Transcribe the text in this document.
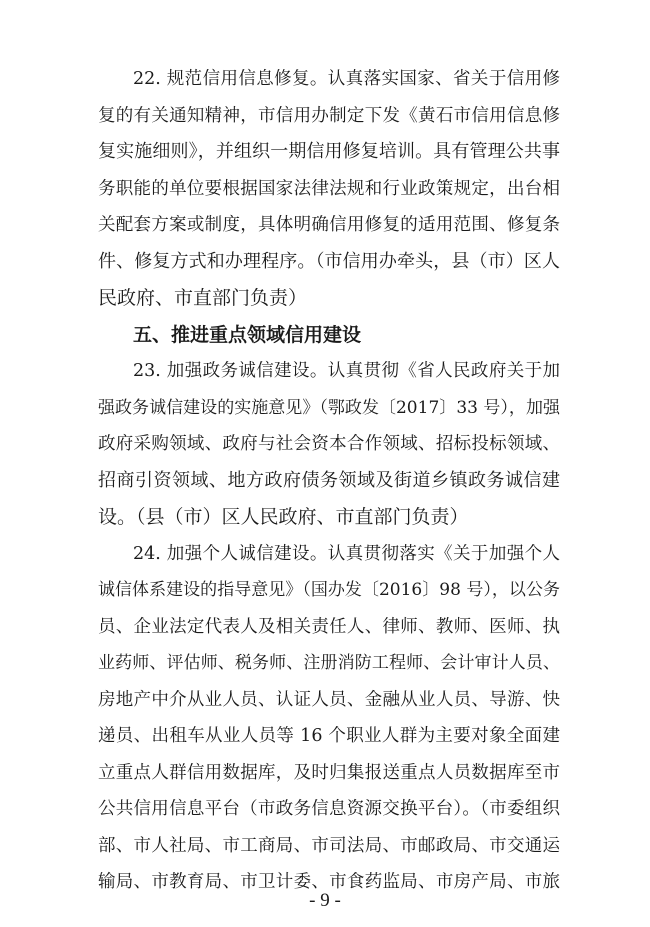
22. 规范信用信息修复。认真落实国家、省关于信用修
复的有关通知精神，市信用办制定下发《黄石市信用信息修
复实施细则》，并组织一期信用修复培训。具有管理公共事
务职能的单位要根据国家法律法规和行业政策规定，出台相
关配套方案或制度，具体明确信用修复的适用范围、修复条
件、修复方式和办理程序。（市信用办牵头，县（市）区人
民政府、市直部门负责）
五、推进重点领域信用建设
23. 加强政务诚信建设。认真贯彻《省人民政府关于加
强政务诚信建设的实施意见》（鄂政发〔2017〕33 号），加强
政府采购领域、政府与社会资本合作领域、招标投标领域、
招商引资领域、地方政府债务领域及街道乡镇政务诚信建
设。（县（市）区人民政府、市直部门负责）
24. 加强个人诚信建设。认真贯彻落实《关于加强个人
诚信体系建设的指导意见》（国办发〔2016〕98 号），以公务
员、企业法定代表人及相关责任人、律师、教师、医师、执
业药师、评估师、税务师、注册消防工程师、会计审计人员、
房地产中介从业人员、认证人员、金融从业人员、导游、快
递员、出租车从业人员等 16 个职业人群为主要对象全面建
立重点人群信用数据库，及时归集报送重点人员数据库至市
公共信用信息平台（市政务信息资源交换平台）。（市委组织
部、市人社局、市工商局、市司法局、市邮政局、市交通运
输局、市教育局、市卫计委、市食药监局、市房产局、市旅
- 9 -
